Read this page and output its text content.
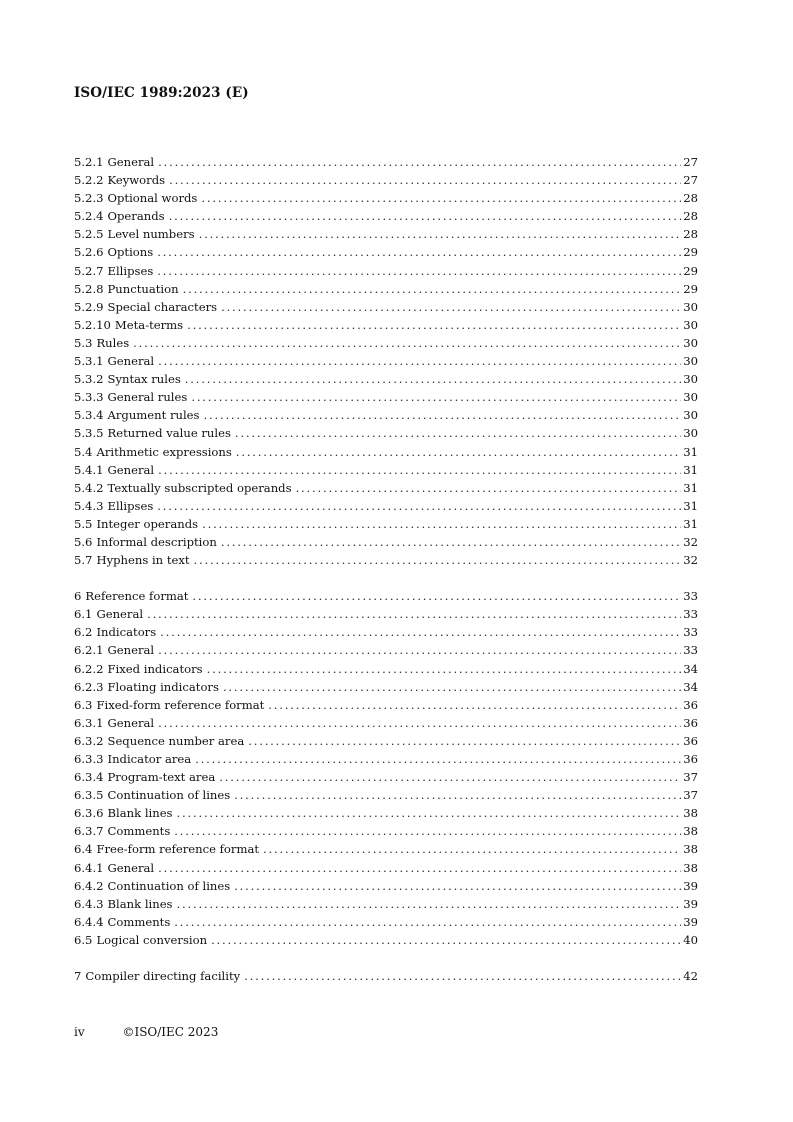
ISO/IEC 1989:2023 (E)
5.2.1 General .....	27
5.2.2 Keywords .....	27
5.2.3 Optional words .....	28
5.2.4 Operands .....	28
5.2.5 Level numbers .....	28
5.2.6 Options .....	29
5.2.7 Ellipses .....	29
5.2.8 Punctuation .....	29
5.2.9 Special characters .....	30
5.2.10 Meta-terms .....	30
5.3 Rules .....	30
5.3.1 General .....	30
5.3.2 Syntax rules .....	30
5.3.3 General rules .....	30
5.3.4 Argument rules .....	30
5.3.5 Returned value rules .....	30
5.4 Arithmetic expressions .....	31
5.4.1 General .....	31
5.4.2 Textually subscripted operands .....	31
5.4.3 Ellipses .....	31
5.5 Integer operands .....	31
5.6 Informal description .....	32
5.7 Hyphens in text .....	32
6 Reference format .....	33
6.1 General .....	33
6.2 Indicators .....	33
6.2.1 General .....	33
6.2.2 Fixed indicators .....	34
6.2.3 Floating indicators .....	34
6.3 Fixed-form reference format .....	36
6.3.1 General .....	36
6.3.2 Sequence number area .....	36
6.3.3 Indicator area .....	36
6.3.4 Program-text area .....	37
6.3.5 Continuation of lines .....	37
6.3.6 Blank lines .....	38
6.3.7 Comments .....	38
6.4 Free-form reference format .....	38
6.4.1 General .....	38
6.4.2 Continuation of lines .....	39
6.4.3 Blank lines .....	39
6.4.4 Comments .....	39
6.5 Logical conversion .....	40
7 Compiler directing facility .....	42
iv	©ISO/IEC 2023
